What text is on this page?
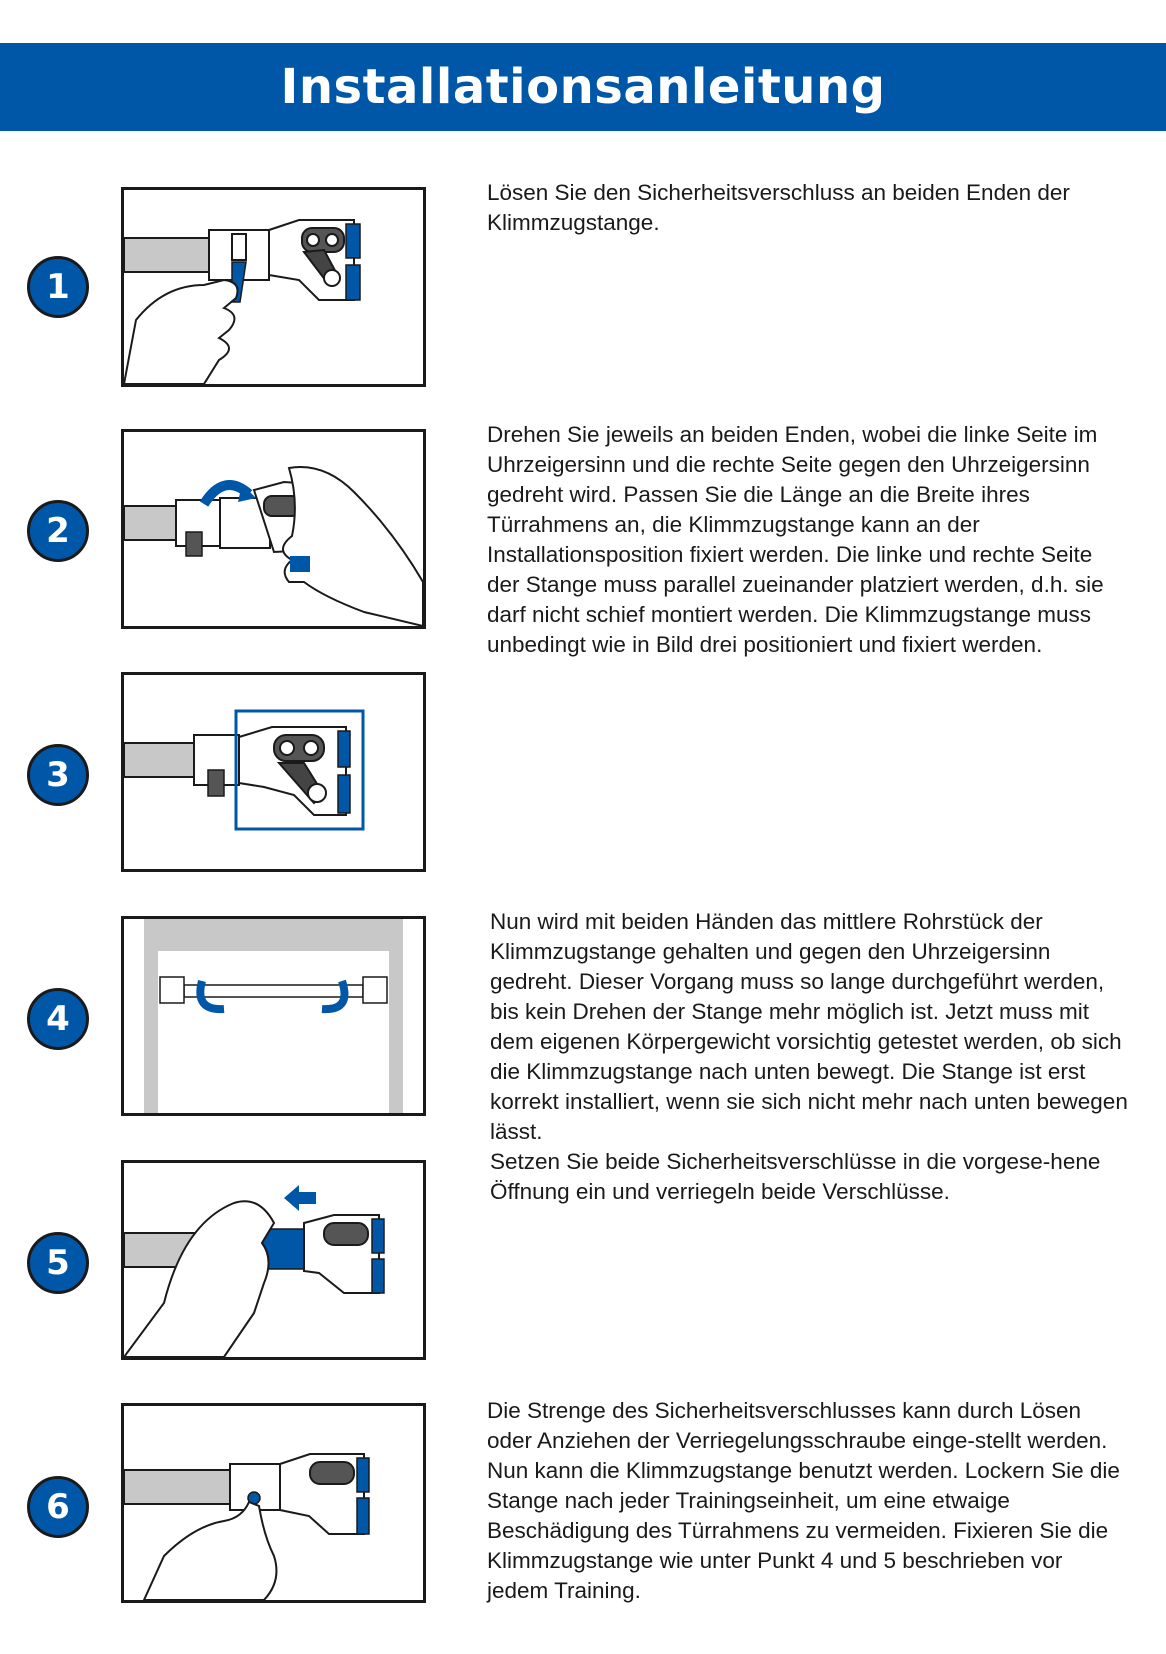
Installationsanleitung
1
2
3
4
5
6

Lösen Sie den Sicherheitsverschluss an beiden Enden der Klimmzugstange.

Drehen Sie jeweils an beiden Enden, wobei die linke Seite im Uhrzeigersinn und die rechte Seite gegen den Uhrzeigersinn gedreht wird. Passen Sie die Länge an die Breite ihres Türrahmens an, die Klimmzugstange kann an der Installationsposition fixiert werden. Die linke und rechte Seite der Stange muss parallel zueinander platziert werden, d.h. sie darf nicht schief montiert werden. Die Klimmzugstange muss unbedingt wie in Bild drei positioniert und fixiert werden.

Nun wird mit beiden Händen das mittlere Rohrstück der Klimmzugstange gehalten und gegen den Uhrzeigersinn gedreht. Dieser Vorgang muss so lange durchgeführt werden, bis kein Drehen der Stange mehr möglich ist. Jetzt muss mit dem eigenen Körpergewicht vorsichtig getestet werden, ob sich die Klimmzugstange nach unten bewegt. Die Stange ist erst korrekt installiert, wenn sie sich nicht mehr nach unten bewegen lässt.

Setzen Sie beide Sicherheitsverschlüsse in die vorgese-hene Öffnung ein und verriegeln beide Verschlüsse.

Die Strenge des Sicherheitsverschlusses kann durch Lösen oder Anziehen der Verriegelungsschraube einge-stellt werden. Nun kann die Klimmzugstange benutzt werden. Lockern Sie die Stange nach jeder Trainingseinheit, um eine etwaige Beschädigung des Türrahmens zu vermeiden. Fixieren Sie die Klimmzugstange wie unter Punkt 4 und 5 beschrieben vor jedem Training.
